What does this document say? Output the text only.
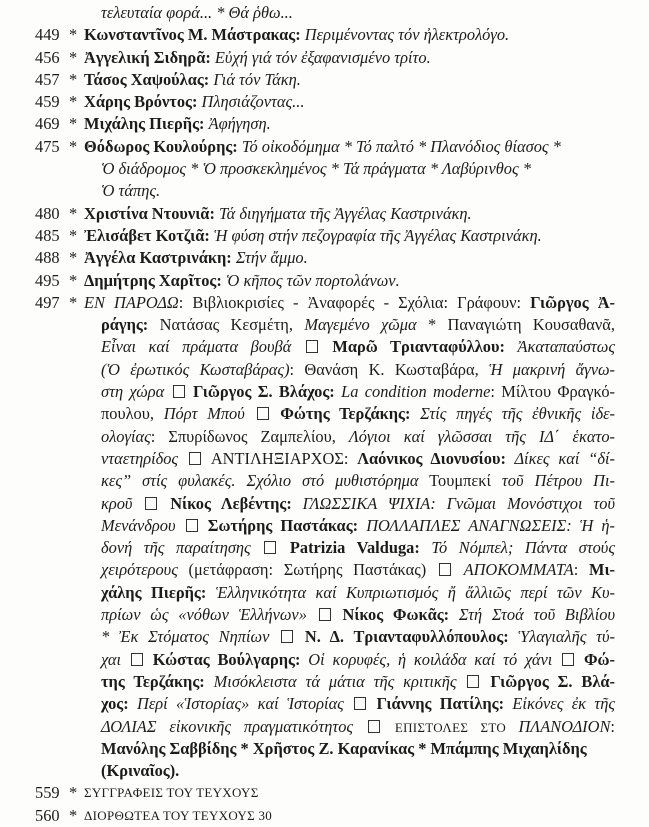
τελευταία φορά... * Θά ῥθω...
449 * Κωνσταντῖνος Μ. Μάστρακας: Περιμένοντας τόν ἠλεκτρολόγο.
456 * Ἀγγελική Σιδηρᾶ: Εὐχή γιά τόν ἐξαφανισμένο τρίτο.
457 * Τάσος Χαψούλας: Γιά τόν Τάκη.
459 * Χάρης Βρόντος: Πλησιάζοντας...
469 * Μιχάλης Πιερῆς: Ἀφήγηση.
475 * Θόδωρος Κουλούρης: Τό οἰκοδόμημα * Τό παλτό * Πλανόδιος θίασος *
Ὁ διάδρομος * Ὁ προσκεκλημένος * Τά πράγματα * Λαβύρινθος *
Ὁ τάπης.
480 * Χριστίνα Ντουνιᾶ: Τά διηγήματα τῆς Ἀγγέλας Καστρινάκη.
485 * Ἐλισάβετ Κοτζιᾶ: Ἡ φύση στήν πεζογραφία τῆς Ἀγγέλας Καστρινάκη.
488 * Ἀγγέλα Καστρινάκη: Στήν ἄμμο.
495 * Δημήτρης Χαρῖτος: Ὁ κῆπος τῶν πορτολάνων.
497 * ΕΝ ΠΑΡΟΔΩ: Βιβλιοκρισίες - Ἀναφορές - Σχόλια: Γράφουν: Γιῶργος Ἀ-
ράγης: Νατάσας Κεσμέτη, Μαγεμένο χῶμα * Παναγιώτη Κουσαθανᾶ,
Εἶναι καί πράματα βουβά	Μαρῶ Τριανταφύλλου: Ἀκαταπαύστως
(Ὁ ἐρωτικός Κωσταβάρας): Θανάση Κ. Κωσταβάρα, Ἡ μακρινή ἄγνω-
στη χώρα Γιῶργος Σ. Βλάχος: La condition moderne: Μίλτου Φραγκό-
πουλου, Πόρτ Μπού Φώτης Τερζάκης: Στίς πηγές τῆς ἐθνικῆς ἰδε-
ολογίας: Σπυρίδωνος Ζαμπελίου, Λόγιοι καί γλῶσσαι τῆς ΙΔ΄ ἑκατο-
νταετηρίδος ΑΝΤΙΛΗΞΙΑΡΧΟΣ: Λαόνικος Διονυσίου: Δίκες καί “δί-
κες” στίς φυλακές. Σχόλιο στό μυθιστόρημα Τουμπεκί τοῦ Πέτρου Πι-
κροῦ Νίκος Λεβέντης: ΓΛΩΣΣΙΚΑ ΨΙΧΙΑ: Γνῶμαι Μονόστιχοι τοῦ
Μενάνδρου Σωτήρης Παστάκας: ΠΟΛΛΑΠΛΕΣ ΑΝΑΓΝΩΣΕΙΣ: Ἡ ἡ-
δονή τῆς παραίτησης Patrizia Valduga: Τό Νόμπελ; Πάντα στούς
χειρότερους (μετάφραση: Σωτήρης Παστάκας) ΑΠΟΚΟΜΜΑΤΑ: Μι-
χάλης Πιερῆς: Ἑλληνικότητα καί Κυπριωτισμός ἤ ἄλλιῶς περί τῶν Κυ-
πρίων ὡς «νόθων Ἑλλήνων» Νίκος Φωκᾶς: Στή Στοά τοῦ Βιβλίου
* Ἐκ Στόματος Νηπίων Ν. Δ. Τριανταφυλλόπουλος: Ὑλαγιαλῆς τύ-
χαι Κώστας Βούλγαρης: Οἱ κορυφές, ἡ κοιλάδα καί τό χάνι Φώ-
της Τερζάκης: Μισόκλειστα τά μάτια τῆς κριτικῆς Γιῶργος Σ. Βλά-
χος: Περί «Ἱστορίας» καί Ἱστορίας Γιάννης Πατίλης: Εἰκόνες ἐκ τῆς
ΔΟΛΙΑΣ εἰκονικῆς πραγματικότητος	ΕΠΙΣΤΟΛΕΣ ΣΤΟ ΠΛΑΝΟΔΙΟΝ:
Μανόλης Σαββίδης * Χρῆστος Ζ. Καρανίκας * Μπάμπης Μιχαηλίδης
(Κριναῖος).
559 * ΣΥΓΓΡΑΦΕΙΣ ΤΟΥ ΤΕΥΧΟΥΣ
560 * ΔΙΟΡΘΩΤΕΑ ΤΟΥ ΤΕΥΧΟΥΣ 30
